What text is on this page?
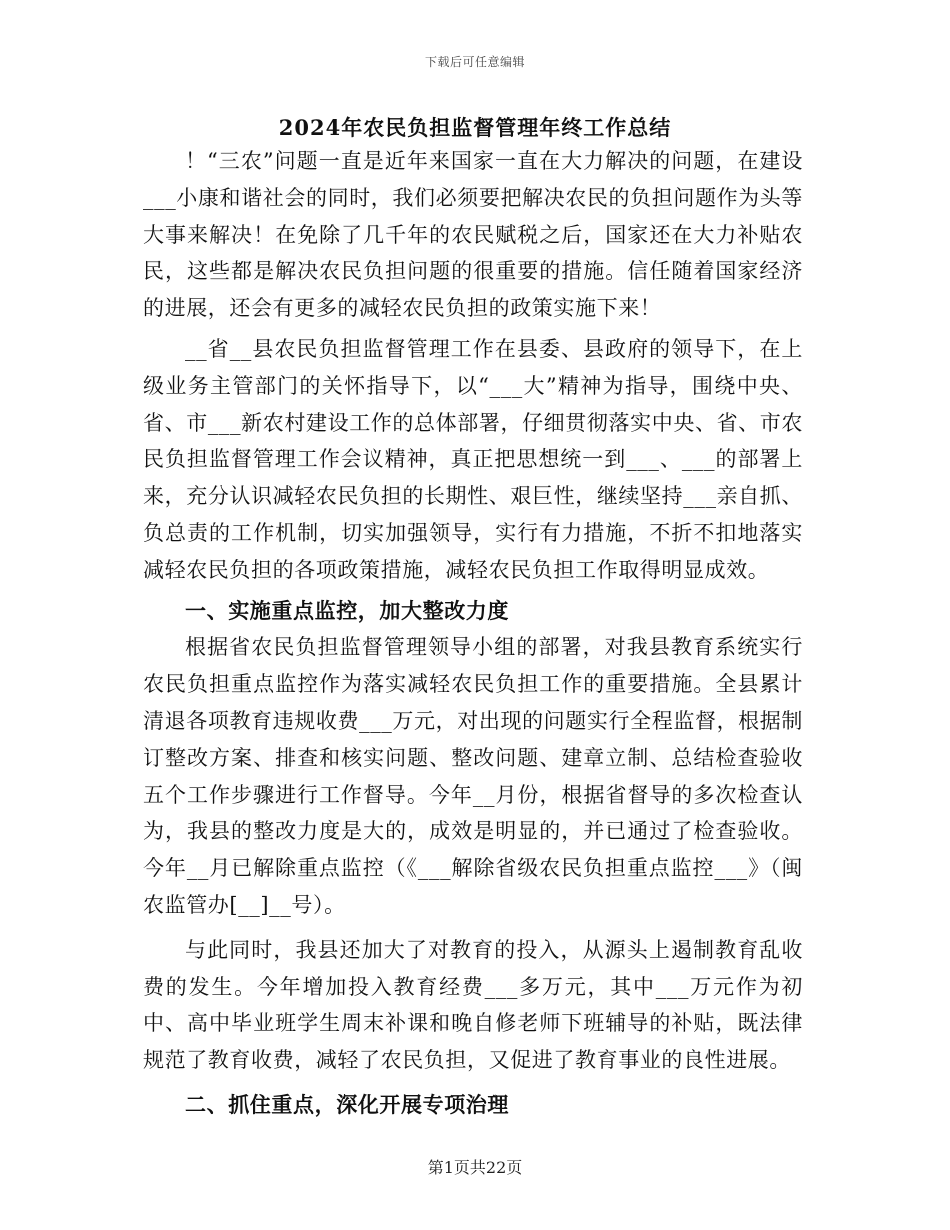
下载后可任意编辑
2024年农民负担监督管理年终工作总结

！“三农”问题一直是近年来国家一直在大力解决的问题，在建设___小康和谐社会的同时，我们必须要把解决农民的负担问题作为头等大事来解决！在免除了几千年的农民赋税之后，国家还在大力补贴农民，这些都是解决农民负担问题的很重要的措施。信任随着国家经济的进展，还会有更多的减轻农民负担的政策实施下来！

__省__县农民负担监督管理工作在县委、县政府的领导下，在上级业务主管部门的关怀指导下，以“___大”精神为指导，围绕中央、省、市___新农村建设工作的总体部署，仔细贯彻落实中央、省、市农民负担监督管理工作会议精神，真正把思想统一到___、___的部署上来，充分认识减轻农民负担的长期性、艰巨性，继续坚持___亲自抓、负总责的工作机制，切实加强领导，实行有力措施，不折不扣地落实减轻农民负担的各项政策措施，减轻农民负担工作取得明显成效。

一、实施重点监控，加大整改力度

根据省农民负担监督管理领导小组的部署，对我县教育系统实行农民负担重点监控作为落实减轻农民负担工作的重要措施。全县累计清退各项教育违规收费___万元，对出现的问题实行全程监督，根据制订整改方案、排查和核实问题、整改问题、建章立制、总结检查验收五个工作步骤进行工作督导。今年__月份，根据省督导的多次检查认为，我县的整改力度是大的，成效是明显的，并已通过了检查验收。今年__月已解除重点监控（《___解除省级农民负担重点监控___》（闽农监管办[__]__号）。

与此同时，我县还加大了对教育的投入，从源头上遏制教育乱收费的发生。今年增加投入教育经费___多万元，其中___万元作为初中、高中毕业班学生周末补课和晚自修老师下班辅导的补贴，既法律规范了教育收费，减轻了农民负担，又促进了教育事业的良性进展。

二、抓住重点，深化开展专项治理

第1页共22页
